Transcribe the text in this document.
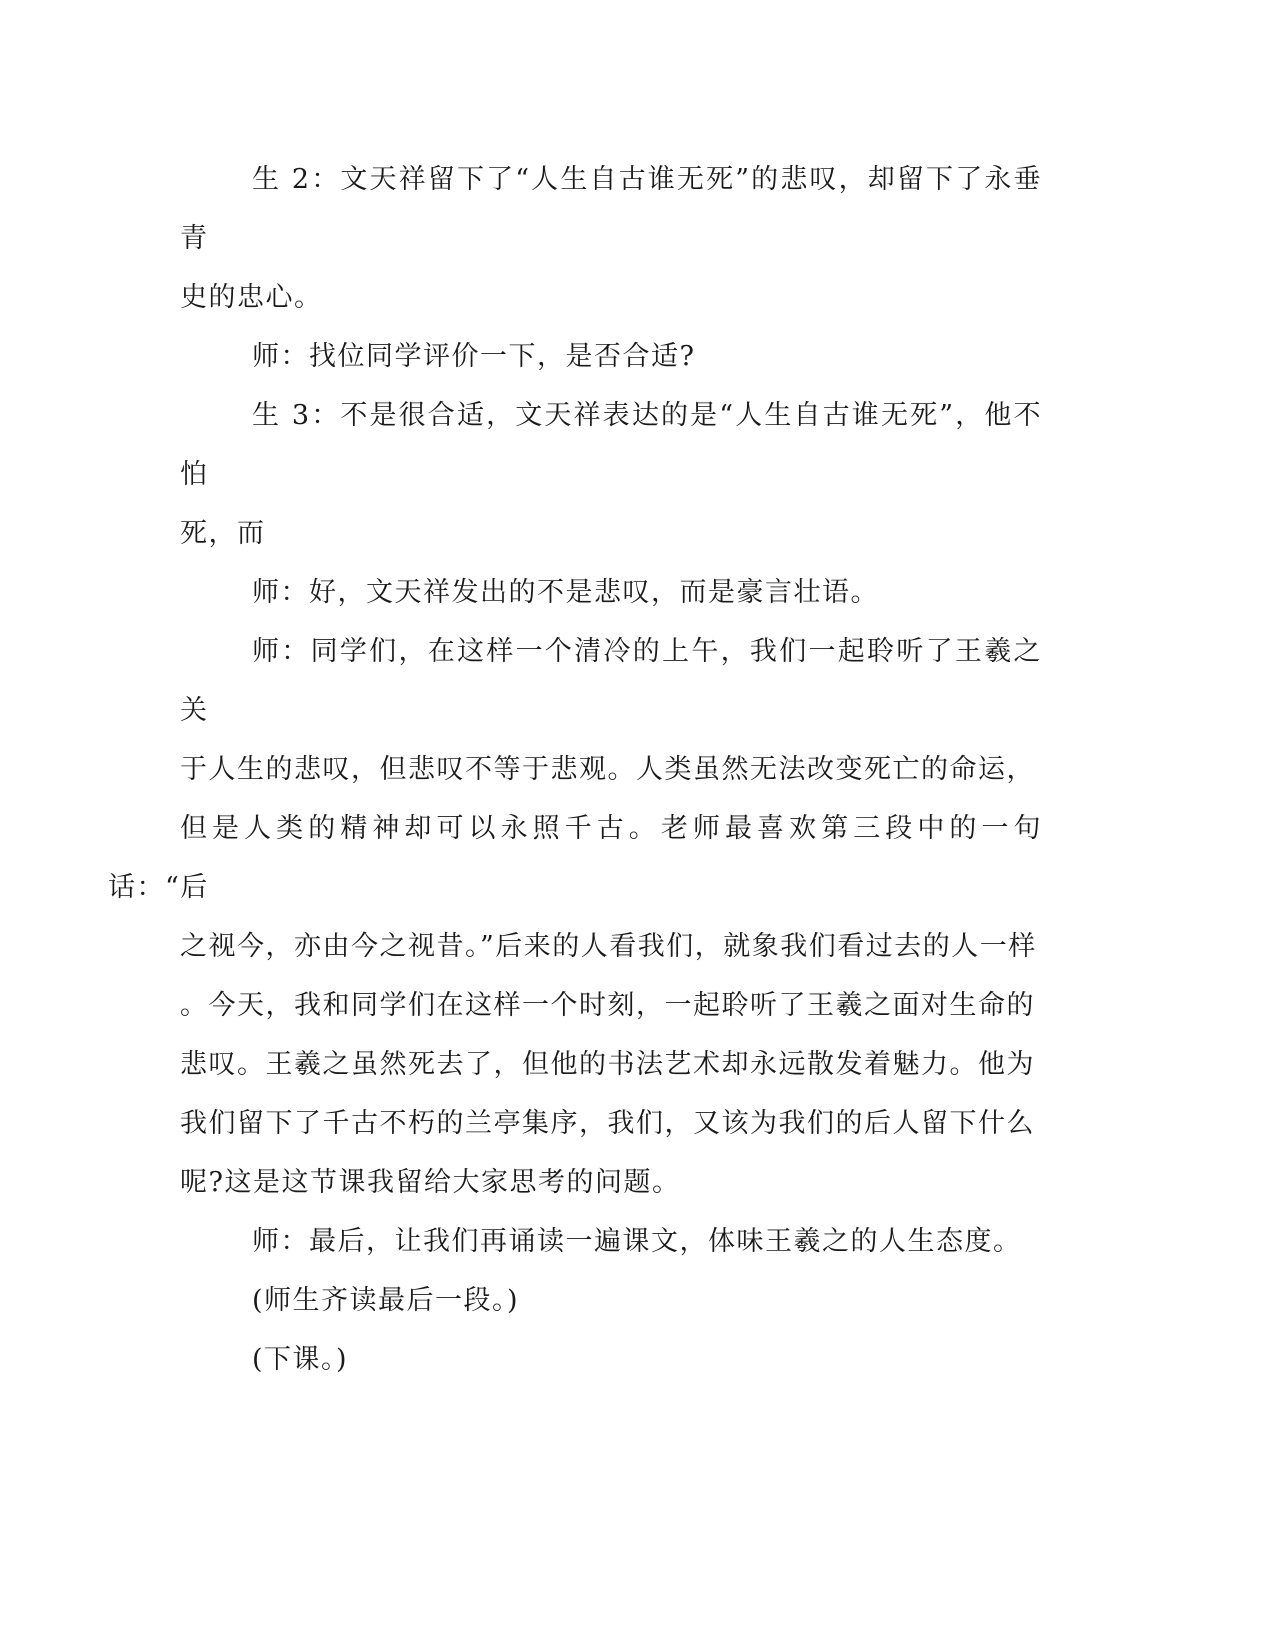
生 2：文天祥留下了“人生自古谁无死”的悲叹，却留下了永垂青
史的忠心。

师：找位同学评价一下，是否合适?

生 3：不是很合适，文天祥表达的是“人生自古谁无死”，他不怕
死，而

师：好，文天祥发出的不是悲叹，而是豪言壮语。

师：同学们，在这样一个清冷的上午，我们一起聆听了王羲之关
于人生的悲叹，但悲叹不等于悲观。人类虽然无法改变死亡的命运，
但是人类的精神却可以永照千古。老师最喜欢第三段中的一句话：“后
之视今，亦由今之视昔。”后来的人看我们，就象我们看过去的人一样
。今天，我和同学们在这样一个时刻，一起聆听了王羲之面对生命的
悲叹。王羲之虽然死去了，但他的书法艺术却永远散发着魅力。他为
我们留下了千古不朽的兰亭集序，我们，又该为我们的后人留下什么
呢?这是这节课我留给大家思考的问题。

师：最后，让我们再诵读一遍课文，体味王羲之的人生态度。

(师生齐读最后一段。)

(下课。)
